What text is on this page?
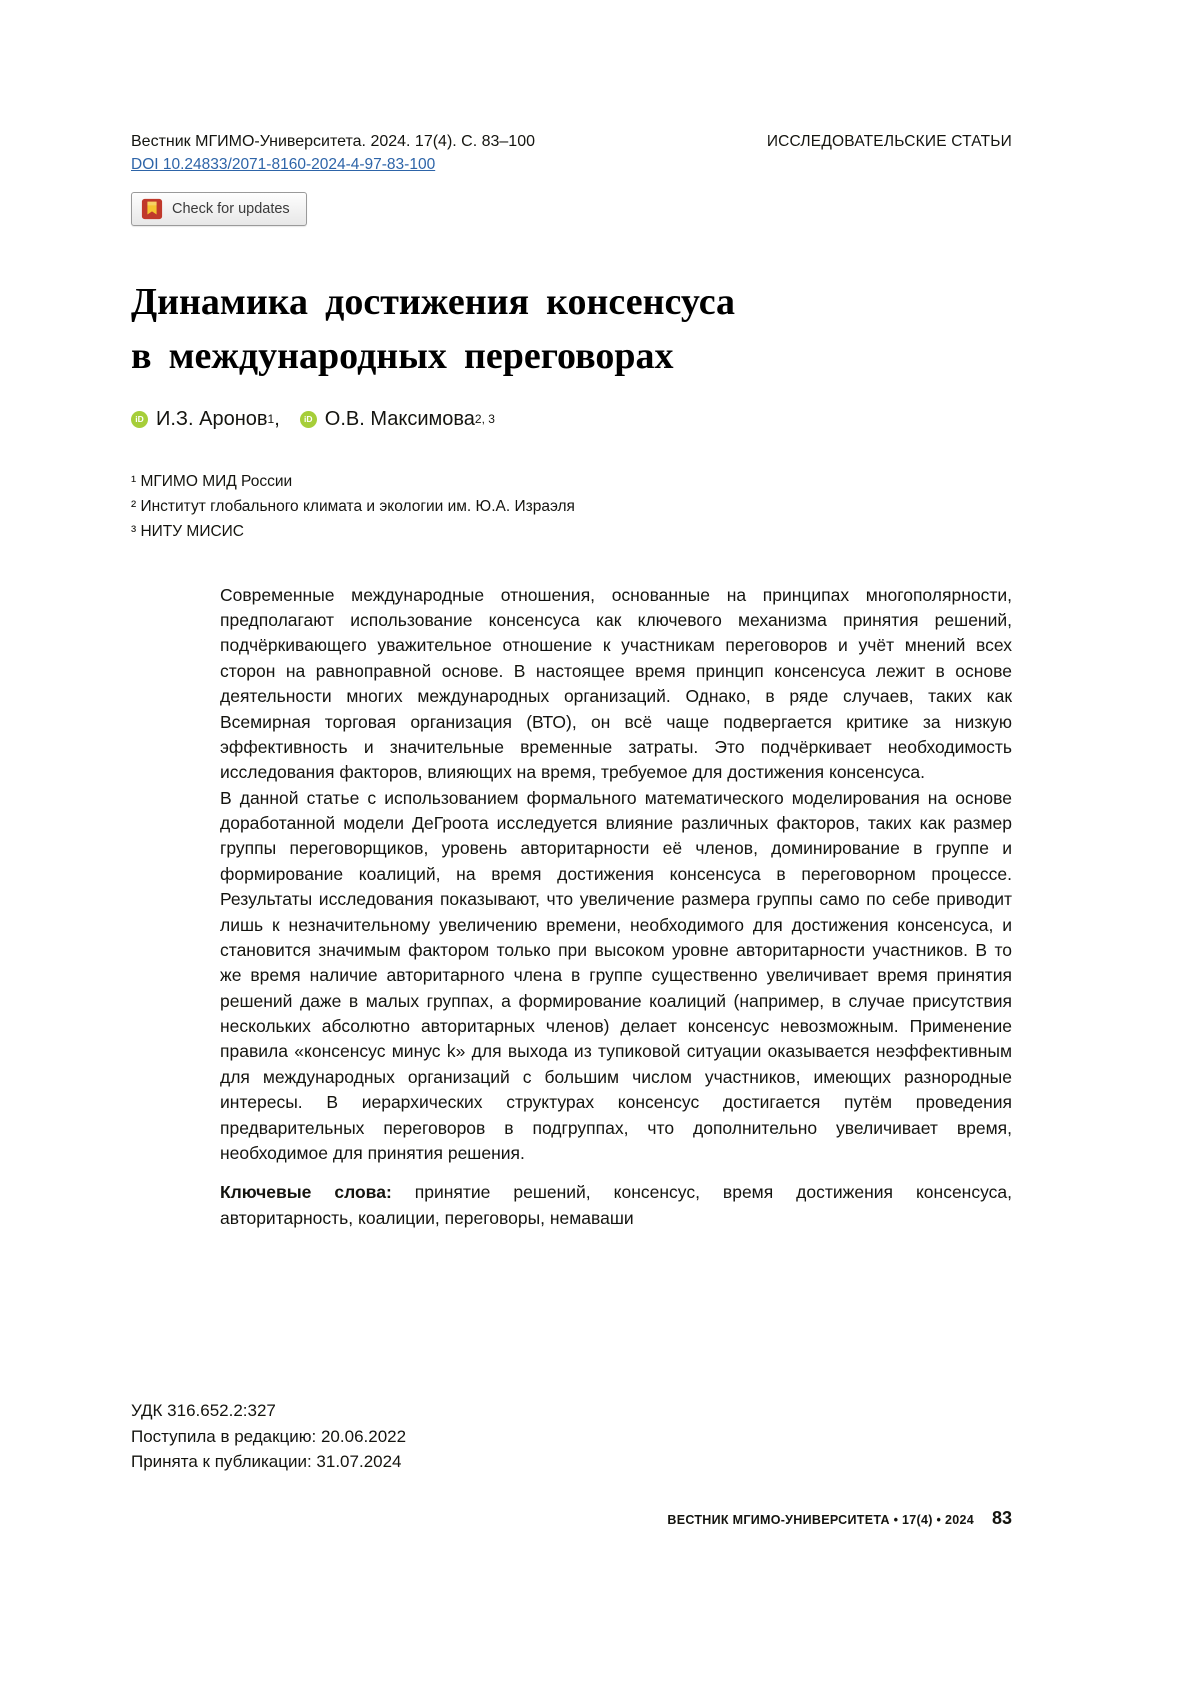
Вестник МГИМО-Университета. 2024. 17(4). С. 83–100	ИССЛЕДОВАТЕЛЬСКИЕ СТАТЬИ
DOI 10.24833/2071-8160-2024-4-97-83-100
Check for updates
Динамика достижения консенсуса
в международных переговорах
iD И.З. Аронов 1 ,	iD О.В. Максимова 2, 3
¹ МГИМО МИД России
² Институт глобального климата и экологии им. Ю.А. Израэля
³ НИТУ МИСИС

Современные международные отношения, основанные на принципах многополярности, предполагают использование консенсуса как ключевого механизма принятия решений, подчёркивающего уважительное отношение к участникам переговоров и учёт мнений всех сторон на равноправной основе. В настоящее время принцип консенсуса лежит в основе деятельности многих международных организаций. Однако, в ряде случаев, таких как Всемирная торговая организация (ВТО), он всё чаще подвергается критике за низкую эффективность и значительные временные затраты. Это подчёркивает необходимость исследования факторов, влияющих на время, требуемое для достижения консенсуса.

В данной статье с использованием формального математического моделирования на основе доработанной модели ДеГроота исследуется влияние различных факторов, таких как размер группы переговорщиков, уровень авторитарности её членов, доминирование в группе и формирование коалиций, на время достижения консенсуса в переговорном процессе. Результаты исследования показывают, что увеличение размера группы само по себе приводит лишь к незначительному увеличению времени, необходимого для достижения консенсуса, и становится значимым фактором только при высоком уровне авторитарности участников. В то же время наличие авторитарного члена в группе существенно увеличивает время принятия решений даже в малых группах, а формирование коалиций (например, в случае присутствия нескольких абсолютно авторитарных членов) делает консенсус невозможным. Применение правила «консенсус минус k» для выхода из тупиковой ситуации оказывается неэффективным для международных организаций с большим числом участников, имеющих разнородные интересы. В иерархических структурах консенсус достигается путём проведения предварительных переговоров в подгруппах, что дополнительно увеличивает время, необходимое для принятия решения.

Ключевые слова: принятие решений, консенсус, время достижения консенсуса, авторитарность, коалиции, переговоры, немаваши
УДК 316.652.2:327
Поступила в редакцию: 20.06.2022
Принята к публикации: 31.07.2024
ВЕСТНИК МГИМО-УНИВЕРСИТЕТА • 17(4) • 2024 83
